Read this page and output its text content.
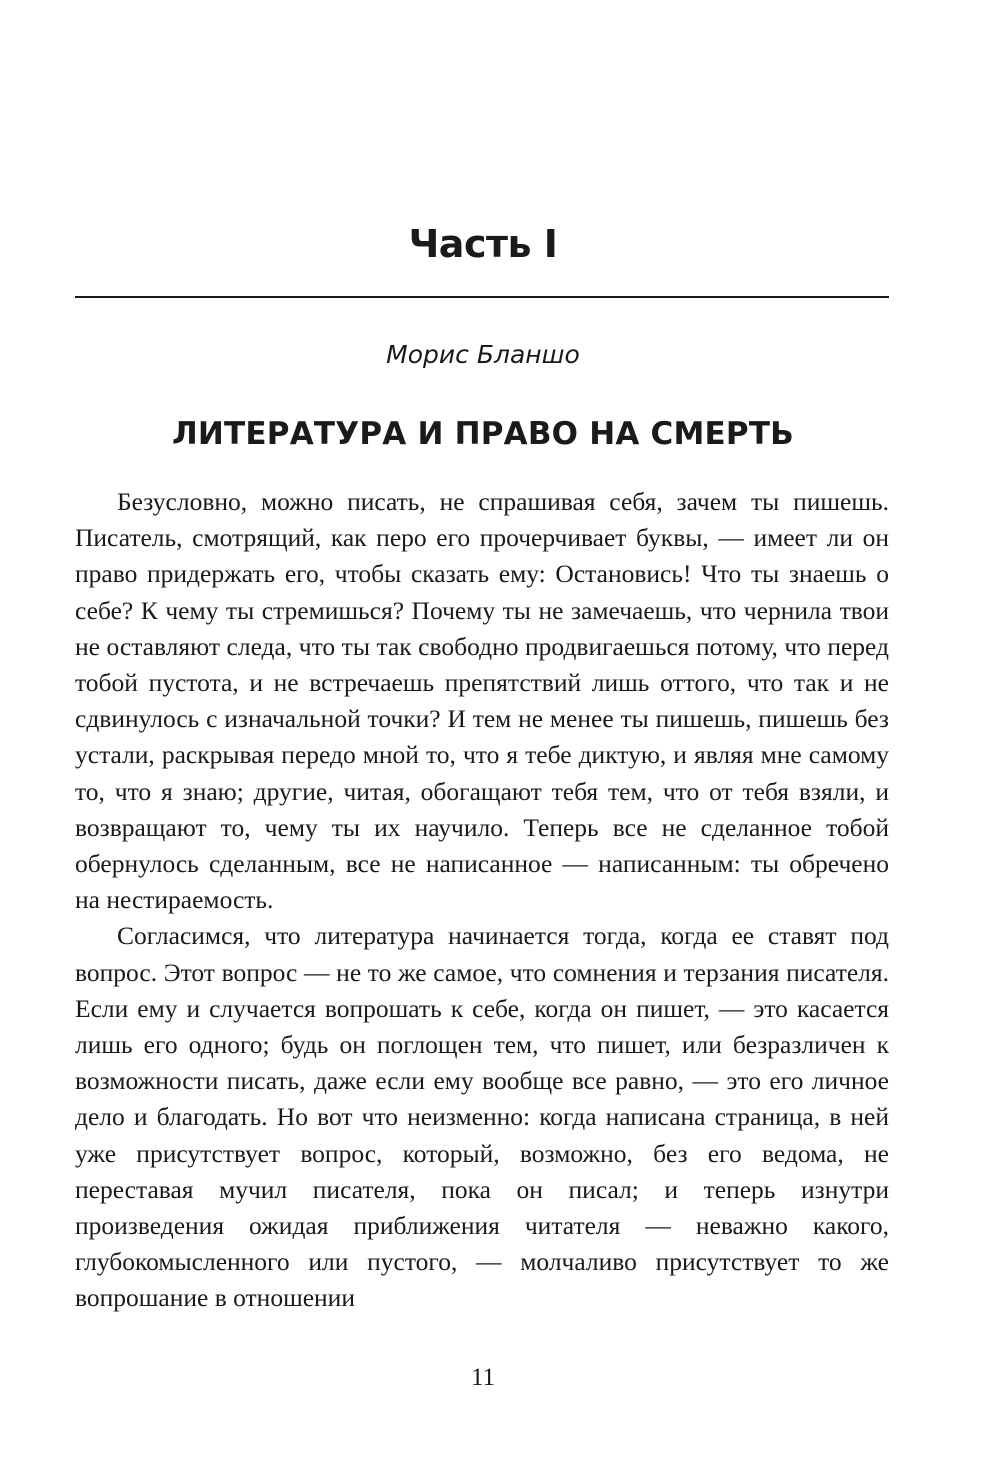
Часть I
Морис Бланшо
ЛИТЕРАТУРА И ПРАВО НА СМЕРТЬ

Безусловно, можно писать, не спрашивая себя, зачем ты пишешь. Писатель, смотрящий, как перо его прочерчивает буквы, — имеет ли он право придержать его, чтобы сказать ему: Остановись! Что ты знаешь о себе? К чему ты стремишься? Почему ты не замечаешь, что чернила твои не оставляют следа, что ты так свободно продвигаешься потому, что перед тобой пустота, и не встречаешь препятствий лишь оттого, что так и не сдвинулось с изначальной точки? И тем не менее ты пишешь, пишешь без устали, раскрывая передо мной то, что я тебе диктую, и являя мне самому то, что я знаю; другие, читая, обогащают тебя тем, что от тебя взяли, и возвращают то, чему ты их научило. Теперь все не сделанное тобой обернулось сделанным, все не написанное — написанным: ты обречено на нестираемость.

Согласимся, что литература начинается тогда, когда ее ставят под вопрос. Этот вопрос — не то же самое, что сомнения и терзания писателя. Если ему и случается вопрошать к себе, когда он пишет, — это касается лишь его одного; будь он поглощен тем, что пишет, или безразличен к возможности писать, даже если ему вообще все равно, — это его личное дело и благодать. Но вот что неизменно: когда написана страница, в ней уже присутствует вопрос, который, возможно, без его ведома, не переставая мучил писателя, пока он писал; и теперь изнутри произведения ожидая приближения читателя — неважно какого, глубокомысленного или пустого, — молчаливо присутствует то же вопрошание в отношении

11
